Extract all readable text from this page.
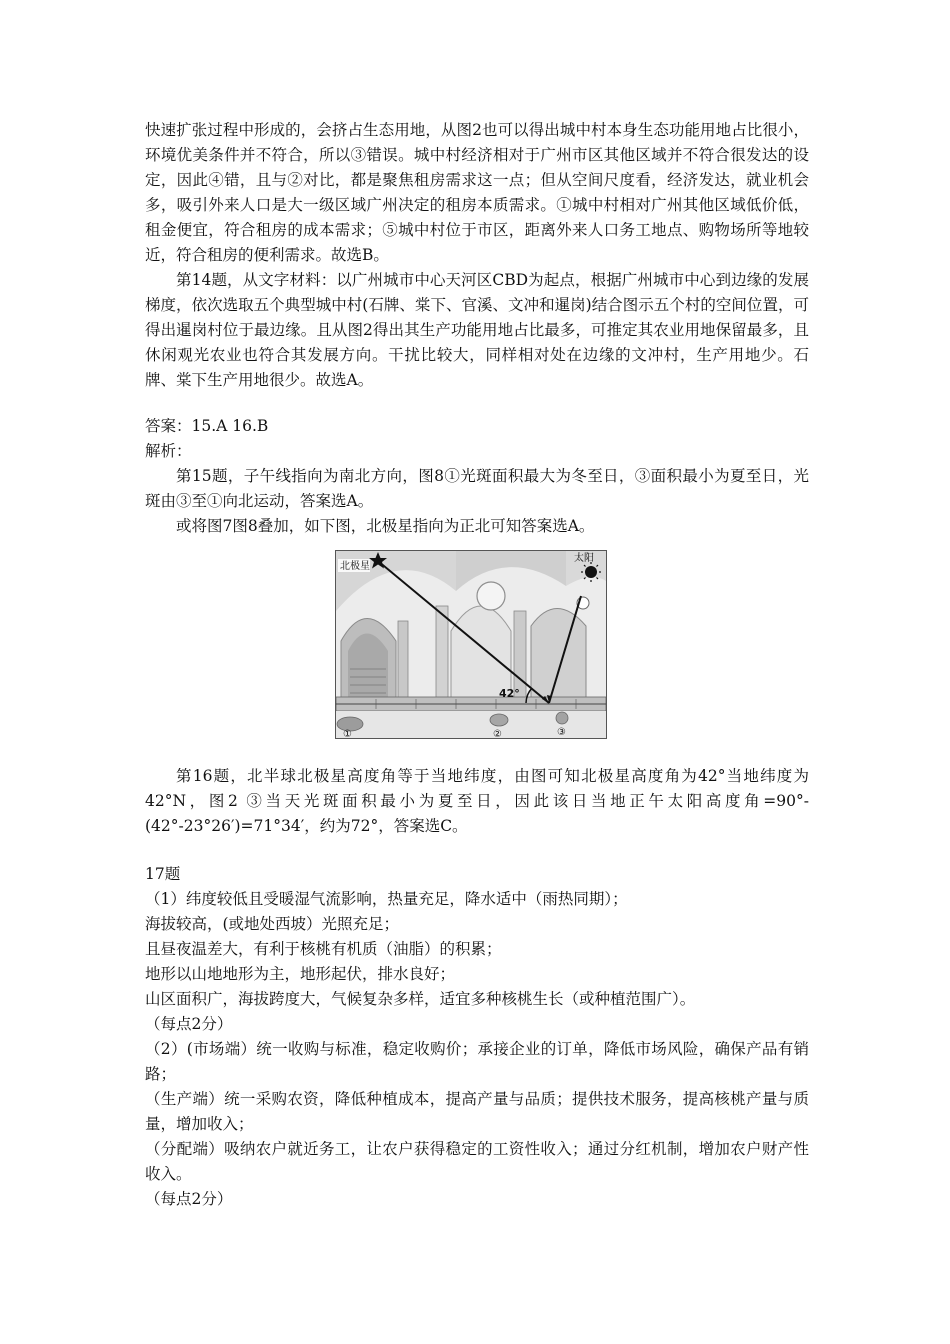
快速扩张过程中形成的，会挤占生态用地，从图2也可以得出城中村本身生态功能用地占比很小，环境优美条件并不符合，所以③错误。城中村经济相对于广州市区其他区域并不符合很发达的设定，因此④错，且与②对比，都是聚焦租房需求这一点；但从空间尺度看，经济发达，就业机会多，吸引外来人口是大一级区域广州决定的租房本质需求。①城中村相对广州其他区域低价低，租金便宜，符合租房的成本需求；⑤城中村位于市区，距离外来人口务工地点、购物场所等地较近，符合租房的便利需求。故选B。

第14题，从文字材料：以广州城市中心天河区CBD为起点，根据广州城市中心到边缘的发展梯度，依次选取五个典型城中村(石牌、棠下、官溪、文冲和暹岗)结合图示五个村的空间位置，可得出暹岗村位于最边缘。且从图2得出其生产功能用地占比最多，可推定其农业用地保留最多，且休闲观光农业也符合其发展方向。干扰比较大，同样相对处在边缘的文冲村，生产用地少。石牌、棠下生产用地很少。故选A。

答案：15.A 16.B

解析：

第15题，子午线指向为南北方向，图8①光斑面积最大为冬至日，③面积最小为夏至日，光斑由③至①向北运动，答案选A。

或将图7图8叠加，如下图，北极星指向为正北可知答案选A。

北极星
太阳
42°
①	②	③

第16题，北半球北极星高度角等于当地纬度，由图可知北极星高度角为42°当地纬度为42°N，图2 ③当天光斑面积最小为夏至日，因此该日当地正午太阳高度角=90°-(42°-23°26′)=71°34′，约为72°，答案选C。

17题

（1）纬度较低且受暖湿气流影响，热量充足，降水适中（雨热同期）；

海拔较高，(或地处西坡）光照充足；

且昼夜温差大，有利于核桃有机质（油脂）的积累；

地形以山地地形为主，地形起伏，排水良好；

山区面积广，海拔跨度大，气候复杂多样，适宜多种核桃生长（或种植范围广）。

（每点2分）

（2）(市场端）统一收购与标准，稳定收购价；承接企业的订单，降低市场风险，确保产品有销路；

（生产端）统一采购农资，降低种植成本，提高产量与品质；提供技术服务，提高核桃产量与质量，增加收入；

（分配端）吸纳农户就近务工，让农户获得稳定的工资性收入；通过分红机制，增加农户财产性收入。

（每点2分）
